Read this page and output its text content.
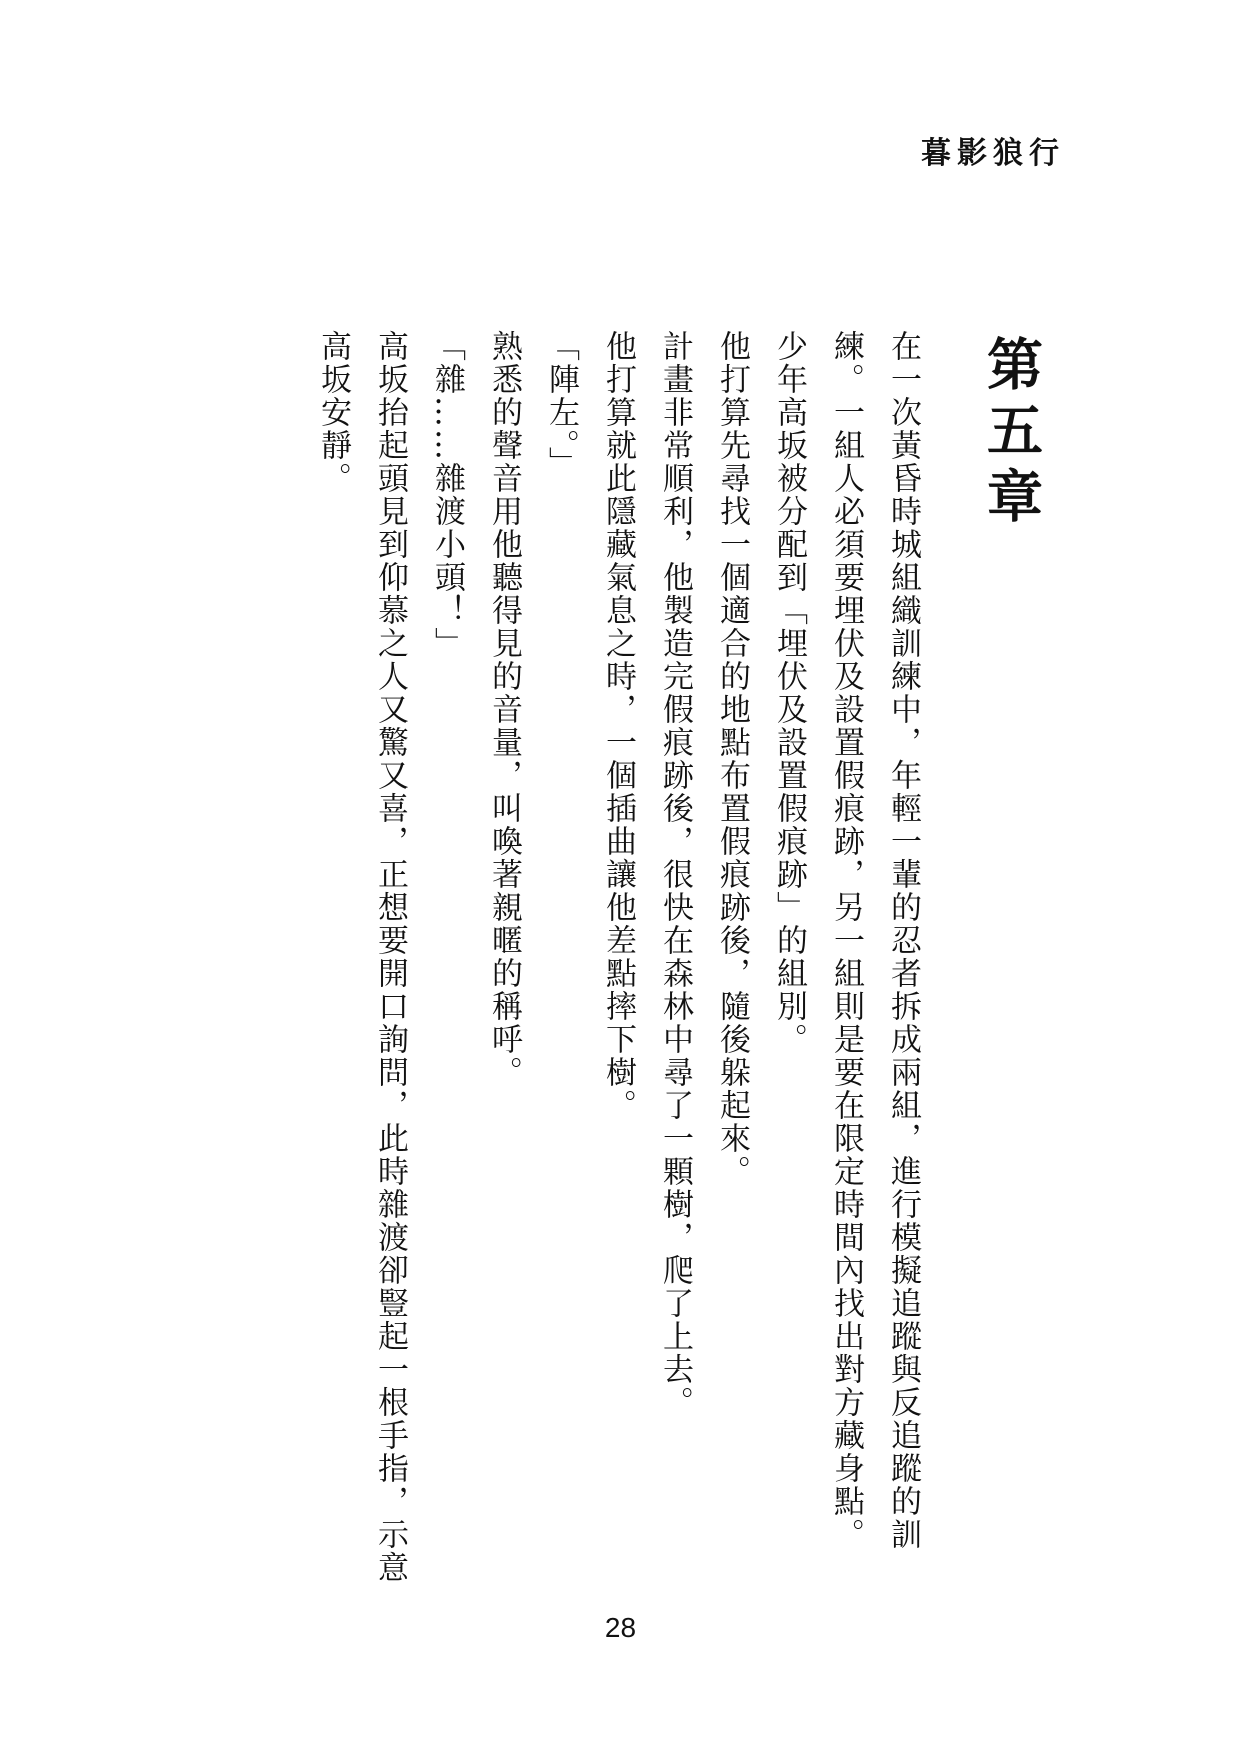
暮影狼行
第五章

在一次黃昏時城組織訓練中，年輕一輩的忍者拆成兩組，進行模擬追蹤與反追蹤的訓練。一組人必須要埋伏及設置假痕跡，另一組則是要在限定時間內找出對方藏身點。

少年高坂被分配到「埋伏及設置假痕跡」的組別。

他打算先尋找一個適合的地點布置假痕跡後，隨後躲起來。

計畫非常順利，他製造完假痕跡後，很快在森林中尋了一顆樹，爬了上去。

他打算就此隱藏氣息之時，一個插曲讓他差點摔下樹。

「陣左。」

熟悉的聲音用他聽得見的音量，叫喚著親暱的稱呼。

「雜……雜渡小頭！」

高坂抬起頭見到仰慕之人又驚又喜，正想要開口詢問，此時雜渡卻豎起一根手指，示意高坂安靜。

28
